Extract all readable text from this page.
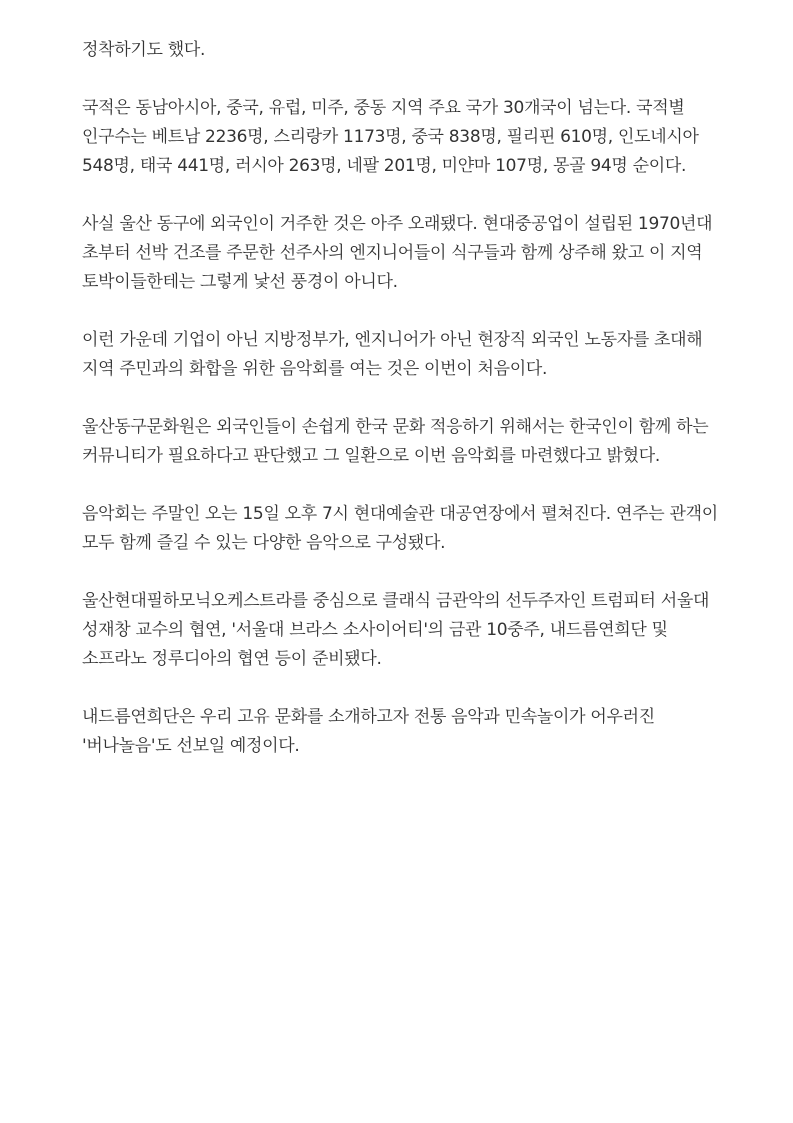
정착하기도 했다.

국적은 동남아시아, 중국, 유럽, 미주, 중동 지역 주요 국가 30개국이 넘는다. 국적별 인구수는 베트남 2236명, 스리랑카 1173명, 중국 838명, 필리핀 610명, 인도네시아 548명, 태국 441명, 러시아 263명, 네팔 201명, 미얀마 107명, 몽골 94명 순이다.

사실 울산 동구에 외국인이 거주한 것은 아주 오래됐다. 현대중공업이 설립된 1970년대 초부터 선박 건조를 주문한 선주사의 엔지니어들이 식구들과 함께 상주해 왔고 이 지역 토박이들한테는 그렇게 낯선 풍경이 아니다.

이런 가운데 기업이 아닌 지방정부가, 엔지니어가 아닌 현장직 외국인 노동자를 초대해 지역 주민과의 화합을 위한 음악회를 여는 것은 이번이 처음이다.

울산동구문화원은 외국인들이 손쉽게 한국 문화 적응하기 위해서는 한국인이 함께 하는 커뮤니티가 필요하다고 판단했고 그 일환으로 이번 음악회를 마련했다고 밝혔다.

음악회는 주말인 오는 15일 오후 7시 현대예술관 대공연장에서 펼쳐진다. 연주는 관객이 모두 함께 즐길 수 있는 다양한 음악으로 구성됐다.

울산현대필하모닉오케스트라를 중심으로 클래식 금관악의 선두주자인 트럼피터 서울대 성재창 교수의 협연, '서울대 브라스 소사이어티'의 금관 10중주, 내드름연희단 및 소프라노 정루디아의 협연 등이 준비됐다.

내드름연희단은 우리 고유 문화를 소개하고자 전통 음악과 민속놀이가 어우러진 '버나놀음'도 선보일 예정이다.
